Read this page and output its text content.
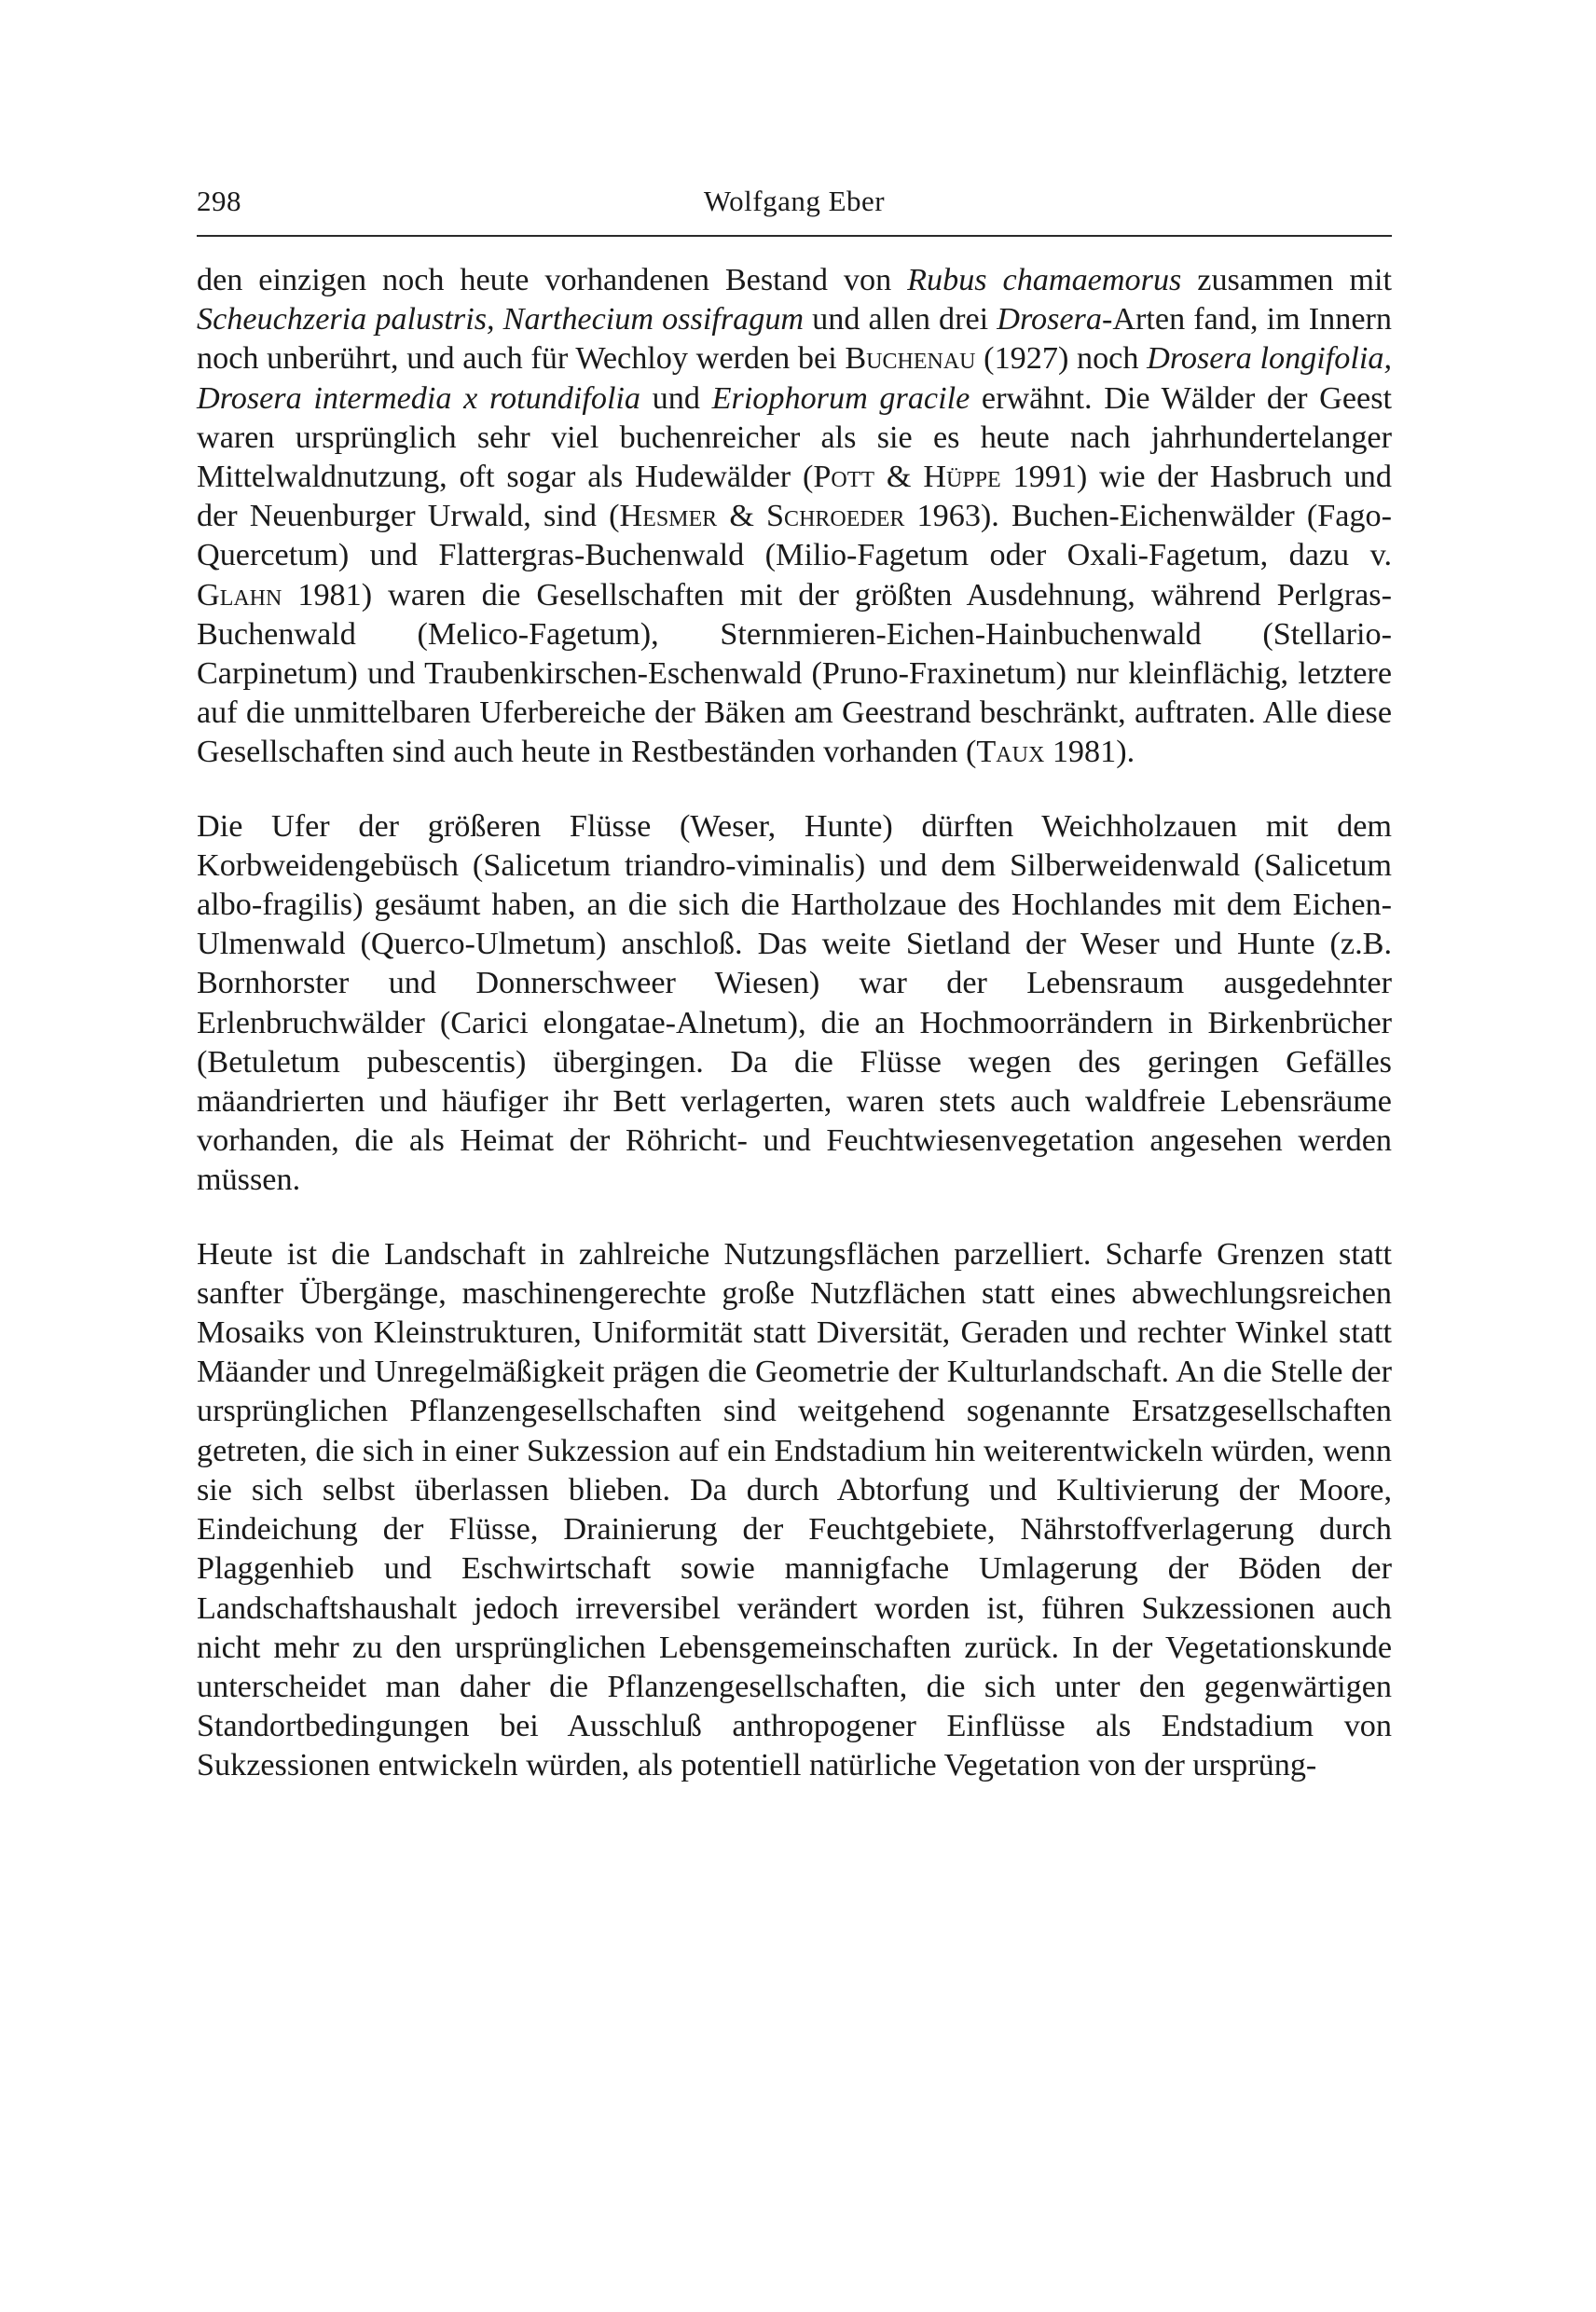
298	Wolfgang Eber

den einzigen noch heute vorhandenen Bestand von Rubus chamaemorus zusammen mit Scheuchzeria palustris, Narthecium ossifragum und allen drei Drosera-Arten fand, im Innern noch unberührt, und auch für Wechloy werden bei Buchenau (1927) noch Drosera longifolia, Drosera intermedia x rotundifolia und Eriophorum gracile erwähnt. Die Wälder der Geest waren ursprünglich sehr viel buchenreicher als sie es heute nach jahrhundertelanger Mittelwaldnutzung, oft sogar als Hudewälder (Pott & Hüppe 1991) wie der Hasbruch und der Neuenburger Urwald, sind (Hesmer & Schroeder 1963). Buchen-Eichenwälder (Fago-Quercetum) und Flattergras-Buchenwald (Milio-Fagetum oder Oxali-Fagetum, dazu v. Glahn 1981) waren die Gesellschaften mit der größten Ausdehnung, während Perlgras- Buchenwald (Melico-Fagetum), Sternmieren-Eichen-Hainbuchenwald (Stellario-Carpinetum) und Traubenkirschen-Eschenwald (Pruno-Fraxinetum) nur kleinflächig, letztere auf die unmittelbaren Uferbereiche der Bäken am Geestrand beschränkt, auftraten. Alle diese Gesellschaften sind auch heute in Restbeständen vorhanden (Taux 1981).

Die Ufer der größeren Flüsse (Weser, Hunte) dürften Weichholzauen mit dem Korbweidengebüsch (Salicetum triandro-viminalis) und dem Silberweidenwald (Salicetum albo-fragilis) gesäumt haben, an die sich die Hartholzaue des Hochlandes mit dem Eichen-Ulmenwald (Querco-Ulmetum) anschloß. Das weite Sietland der Weser und Hunte (z.B. Bornhorster und Donnerschweer Wiesen) war der Lebensraum ausgedehnter Erlenbruchwälder (Carici elongatae-Alnetum), die an Hochmoorrändern in Birkenbrücher (Betuletum pubescentis) übergingen. Da die Flüsse wegen des geringen Gefälles mäandrierten und häufiger ihr Bett verlagerten, waren stets auch waldfreie Lebensräume vorhanden, die als Heimat der Röhricht- und Feuchtwiesenvegetation angesehen werden müssen.

Heute ist die Landschaft in zahlreiche Nutzungsflächen parzelliert. Scharfe Grenzen statt sanfter Übergänge, maschinengerechte große Nutzflächen statt eines abwechlungsreichen Mosaiks von Kleinstrukturen, Uniformität statt Diversität, Geraden und rechter Winkel statt Mäander und Unregelmäßigkeit prägen die Geometrie der Kulturlandschaft. An die Stelle der ursprünglichen Pflanzengesellschaften sind weitgehend sogenannte Ersatzgesellschaften getreten, die sich in einer Sukzession auf ein Endstadium hin weiterentwickeln würden, wenn sie sich selbst überlassen blieben. Da durch Abtorfung und Kultivierung der Moore, Eindeichung der Flüsse, Drainierung der Feuchtgebiete, Nährstoffverlagerung durch Plaggenhieb und Eschwirtschaft sowie mannigfache Umlagerung der Böden der Landschaftshaushalt jedoch irreversibel verändert worden ist, führen Sukzessionen auch nicht mehr zu den ursprünglichen Lebensgemeinschaften zurück. In der Vegetationskunde unterscheidet man daher die Pflanzengesellschaften, die sich unter den gegenwärtigen Standortbedingungen bei Ausschluß anthropogener Einflüsse als Endstadium von Sukzessionen entwickeln würden, als potentiell natürliche Vegetation von der ursprüng-
